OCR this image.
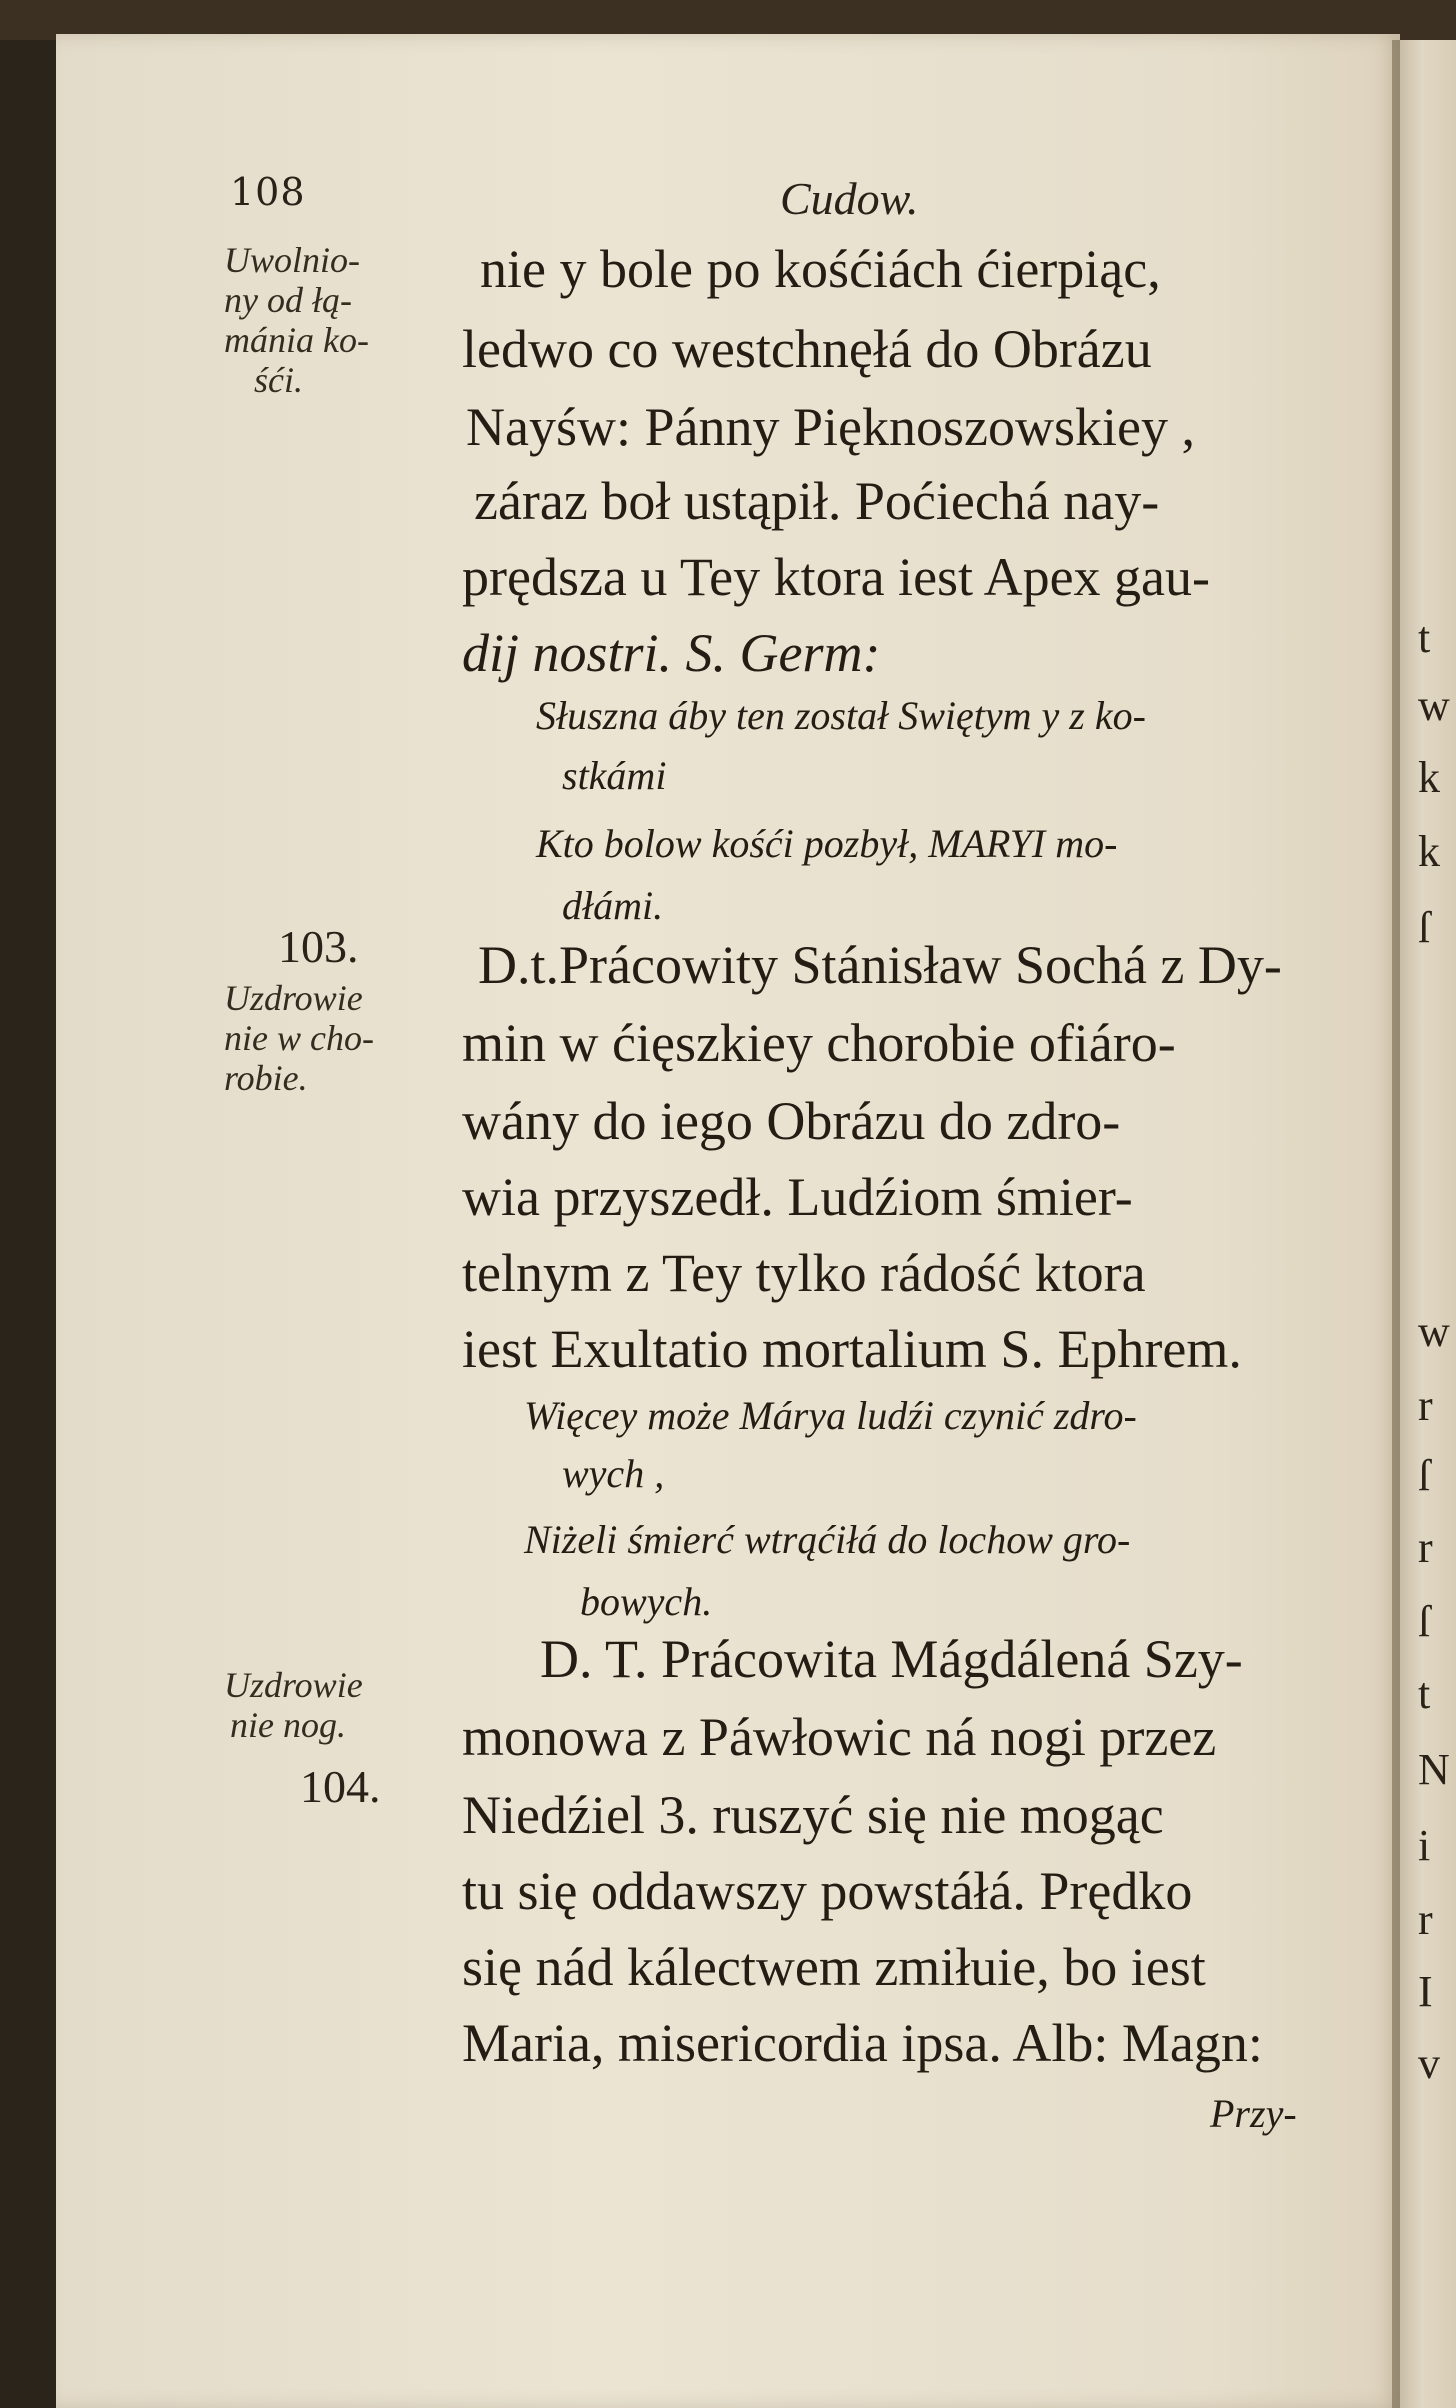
108	Cudow.
Uwolnio-
ny od łą-
mánia ko-
śći.
103.
Uzdrowie
nie w cho-
robie.
Uzdrowie
nie nog.
104.
nie y bole po kośćiách ćierpiąc,
ledwo co westchnęłá do Obrázu
Nayśw: Pánny Pięknoszowskiey ,
záraz boł ustąpił. Poćiechá nay-
prędsza u Tey ktora iest Apex gau-
dij nostri. S. Germ:
Słuszna áby ten został Swiętym y z ko-
stkámi
Kto bolow kośći pozbył, MARYI mo-
dłámi.
D.t.Prácowity Stánisław Sochá z Dy-
min w ćięszkiey chorobie ofiáro-
wány do iego Obrázu do zdro-
wia przyszedł. Ludźiom śmier-
telnym z Tey tylko rádość ktora
iest Exultatio mortalium S. Ephrem.
Więcey może Márya ludźi czynić zdro-
wych ,
Niżeli śmierć wtrąćiłá do lochow gro-
bowych.
D. T. Prácowita Mágdálená Szy-
monowa z Páwłowic ná nogi przez
Niedźiel 3. ruszyć się nie mogąc
tu się oddawszy powstáłá. Prędko
się nád kálectwem zmiłuie, bo iest
Maria, misericordia ipsa. Alb: Magn:
Przy-
t
w
k
k
ſ
w
r
ſ
r
ſ
t
N
i
r
I
v
